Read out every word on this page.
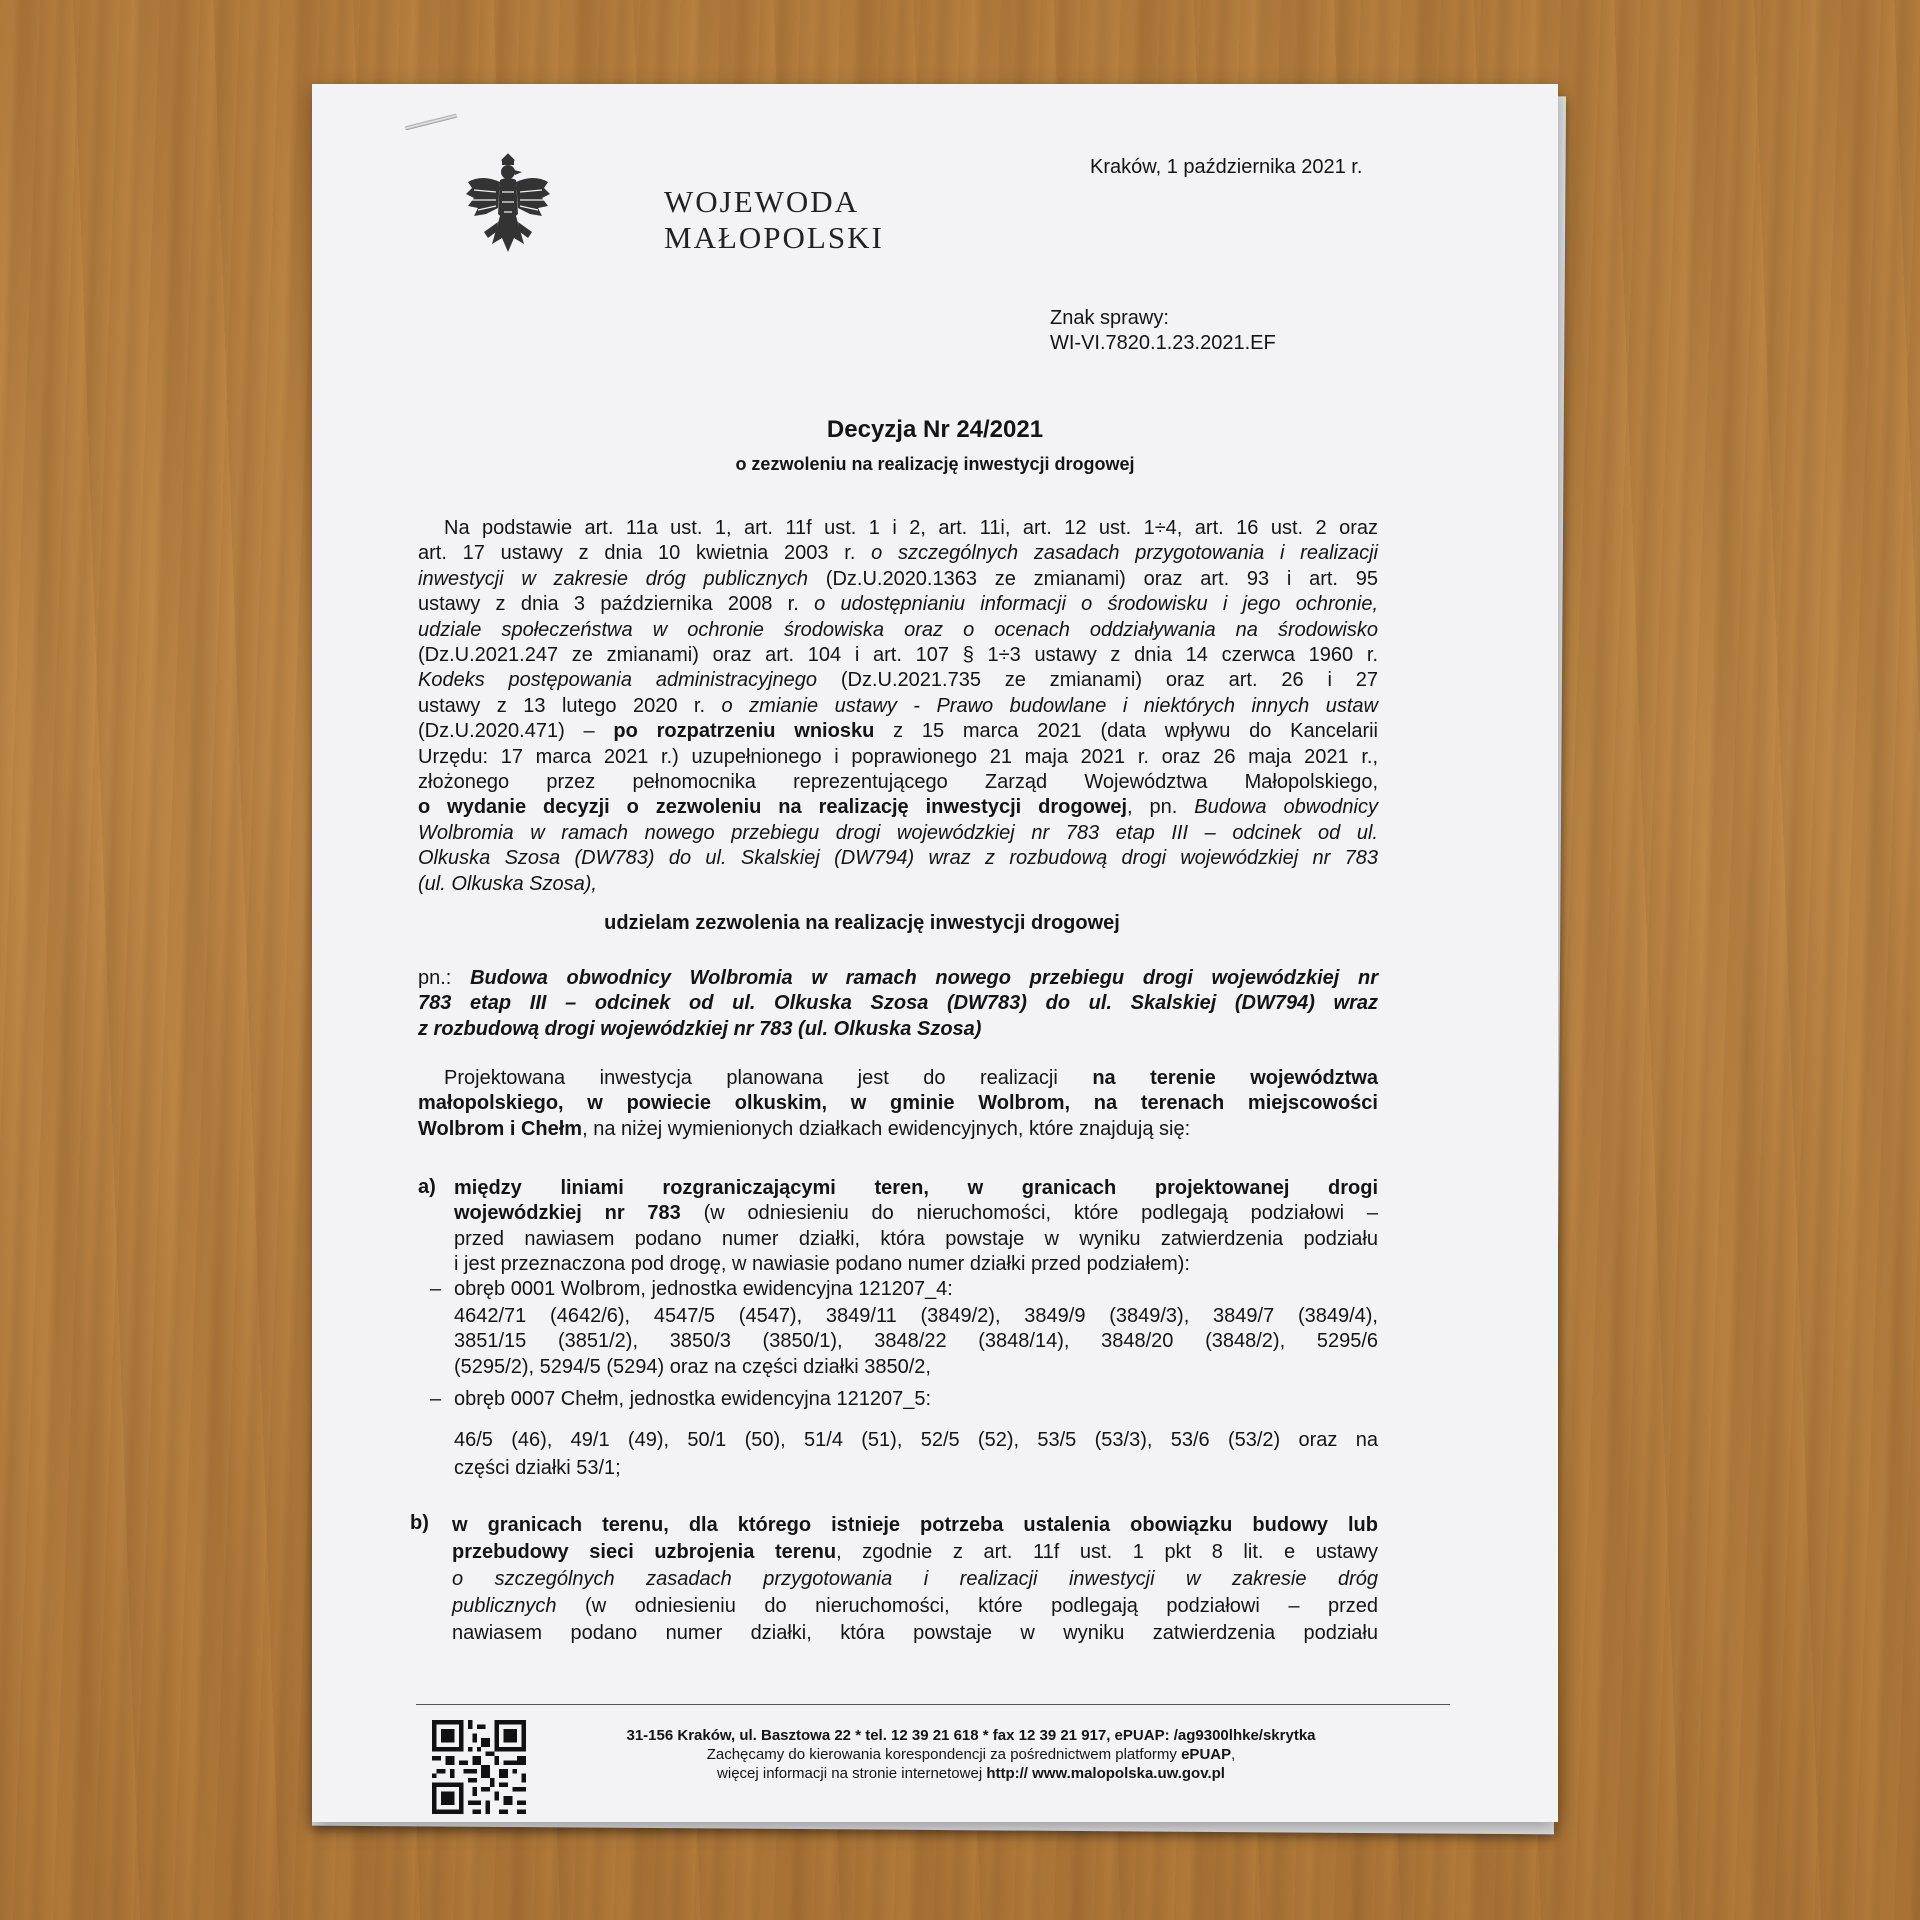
WOJEWODA
MAŁOPOLSKI
Kraków, 1 października 2021 r.
Znak sprawy:
WI-VI.7820.1.23.2021.EF
Decyzja Nr 24/2021
o zezwoleniu na realizację inwestycji drogowej
Na podstawie art. 11a ust. 1, art. 11f ust. 1 i 2, art. 11i, art. 12 ust. 1÷4, art. 16 ust. 2 oraz
art. 17 ustawy z dnia 10 kwietnia 2003 r. o szczególnych zasadach przygotowania i realizacji
inwestycji w zakresie dróg publicznych (Dz.U.2020.1363 ze zmianami) oraz art. 93 i art. 95
ustawy z dnia 3 października 2008 r. o udostępnianiu informacji o środowisku i jego ochronie,
udziale społeczeństwa w ochronie środowiska oraz o ocenach oddziaływania na środowisko
(Dz.U.2021.247 ze zmianami) oraz art. 104 i art. 107 § 1÷3 ustawy z dnia 14 czerwca 1960 r.
Kodeks postępowania administracyjnego (Dz.U.2021.735 ze zmianami) oraz art. 26 i 27
ustawy z 13 lutego 2020 r. o zmianie ustawy - Prawo budowlane i niektórych innych ustaw
(Dz.U.2020.471) – po rozpatrzeniu wniosku z 15 marca 2021 (data wpływu do Kancelarii
Urzędu: 17 marca 2021 r.) uzupełnionego i poprawionego 21 maja 2021 r. oraz 26 maja 2021 r.,
złożonego przez pełnomocnika reprezentującego Zarząd Województwa Małopolskiego,
o wydanie decyzji o zezwoleniu na realizację inwestycji drogowej, pn. Budowa obwodnicy
Wolbromia w ramach nowego przebiegu drogi wojewódzkiej nr 783 etap III – odcinek od ul.
Olkuska Szosa (DW783) do ul. Skalskiej (DW794) wraz z rozbudową drogi wojewódzkiej nr 783
(ul. Olkuska Szosa),
udzielam zezwolenia na realizację inwestycji drogowej
pn.: Budowa obwodnicy Wolbromia w ramach nowego przebiegu drogi wojewódzkiej nr
783 etap III – odcinek od ul. Olkuska Szosa (DW783) do ul. Skalskiej (DW794) wraz
z rozbudową drogi wojewódzkiej nr 783 (ul. Olkuska Szosa)
Projektowana inwestycja planowana jest do realizacji na terenie województwa
małopolskiego, w powiecie olkuskim, w gminie Wolbrom, na terenach miejscowości
Wolbrom i Chełm, na niżej wymienionych działkach ewidencyjnych, które znajdują się:
a) między liniami rozgraniczającymi teren, w granicach projektowanej drogi
wojewódzkiej nr 783 (w odniesieniu do nieruchomości, które podlegają podziałowi –
przed nawiasem podano numer działki, która powstaje w wyniku zatwierdzenia podziału
i jest przeznaczona pod drogę, w nawiasie podano numer działki przed podziałem):
– obręb 0001 Wolbrom, jednostka ewidencyjna 121207_4:
4642/71 (4642/6), 4547/5 (4547), 3849/11 (3849/2), 3849/9 (3849/3), 3849/7 (3849/4),
3851/15 (3851/2), 3850/3 (3850/1), 3848/22 (3848/14), 3848/20 (3848/2), 5295/6
(5295/2), 5294/5 (5294) oraz na części działki 3850/2,
– obręb 0007 Chełm, jednostka ewidencyjna 121207_5:
46/5 (46), 49/1 (49), 50/1 (50), 51/4 (51), 52/5 (52), 53/5 (53/3), 53/6 (53/2) oraz na
części działki 53/1;
b) w granicach terenu, dla którego istnieje potrzeba ustalenia obowiązku budowy lub
przebudowy sieci uzbrojenia terenu, zgodnie z art. 11f ust. 1 pkt 8 lit. e ustawy
o szczególnych zasadach przygotowania i realizacji inwestycji w zakresie dróg
publicznych (w odniesieniu do nieruchomości, które podlegają podziałowi – przed
nawiasem podano numer działki, która powstaje w wyniku zatwierdzenia podziału
31-156 Kraków, ul. Basztowa 22 * tel. 12 39 21 618 * fax 12 39 21 917, ePUAP: /ag9300lhke/skrytka
Zachęcamy do kierowania korespondencji za pośrednictwem platformy ePUAP,
więcej informacji na stronie internetowej http:// www.malopolska.uw.gov.pl
